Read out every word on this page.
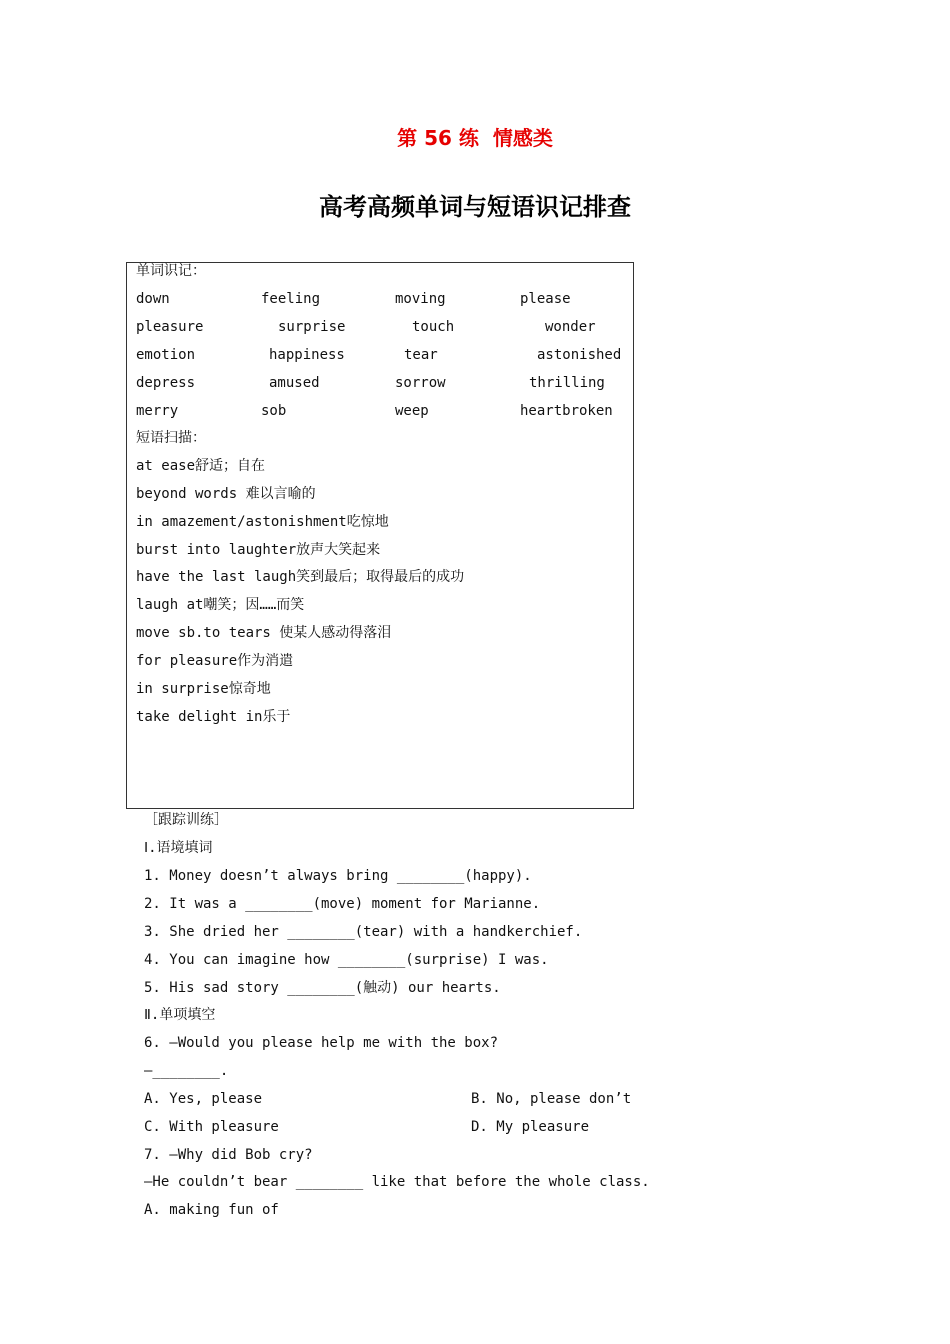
第 56 练  情感类
高考高频单词与短语识记排查
单词识记：
down	feeling	moving	please
pleasure	surprise	touch	wonder
emotion	happiness	tear	astonished
depress	amused	sorrow	thrilling
merry	sob	weep	heartbroken
短语扫描：
at ease舒适；自在
beyond words 难以言喻的
in amazement/astonishment吃惊地
burst into laughter放声大笑起来
have the last laugh笑到最后；取得最后的成功
laugh at嘲笑；因……而笑
move sb.to tears 使某人感动得落泪
for pleasure作为消遣
in surprise惊奇地
take delight in乐于
［跟踪训练］
Ⅰ.语境填词
1. Money doesn’t always bring ________(happy).
2. It was a ________(move) moment for Marianne.
3. She dried her ________(tear) with a handkerchief.
4. You can imagine how ________(surprise) I was.
5. His sad story ________(触动) our hearts.
Ⅱ.单项填空
6. —Would you please help me with the box?
—________.
A. Yes, please	B. No, please don’t
C. With pleasure	D. My pleasure
7. —Why did Bob cry?
—He couldn’t bear ________ like that before the whole class.
A. making fun of
